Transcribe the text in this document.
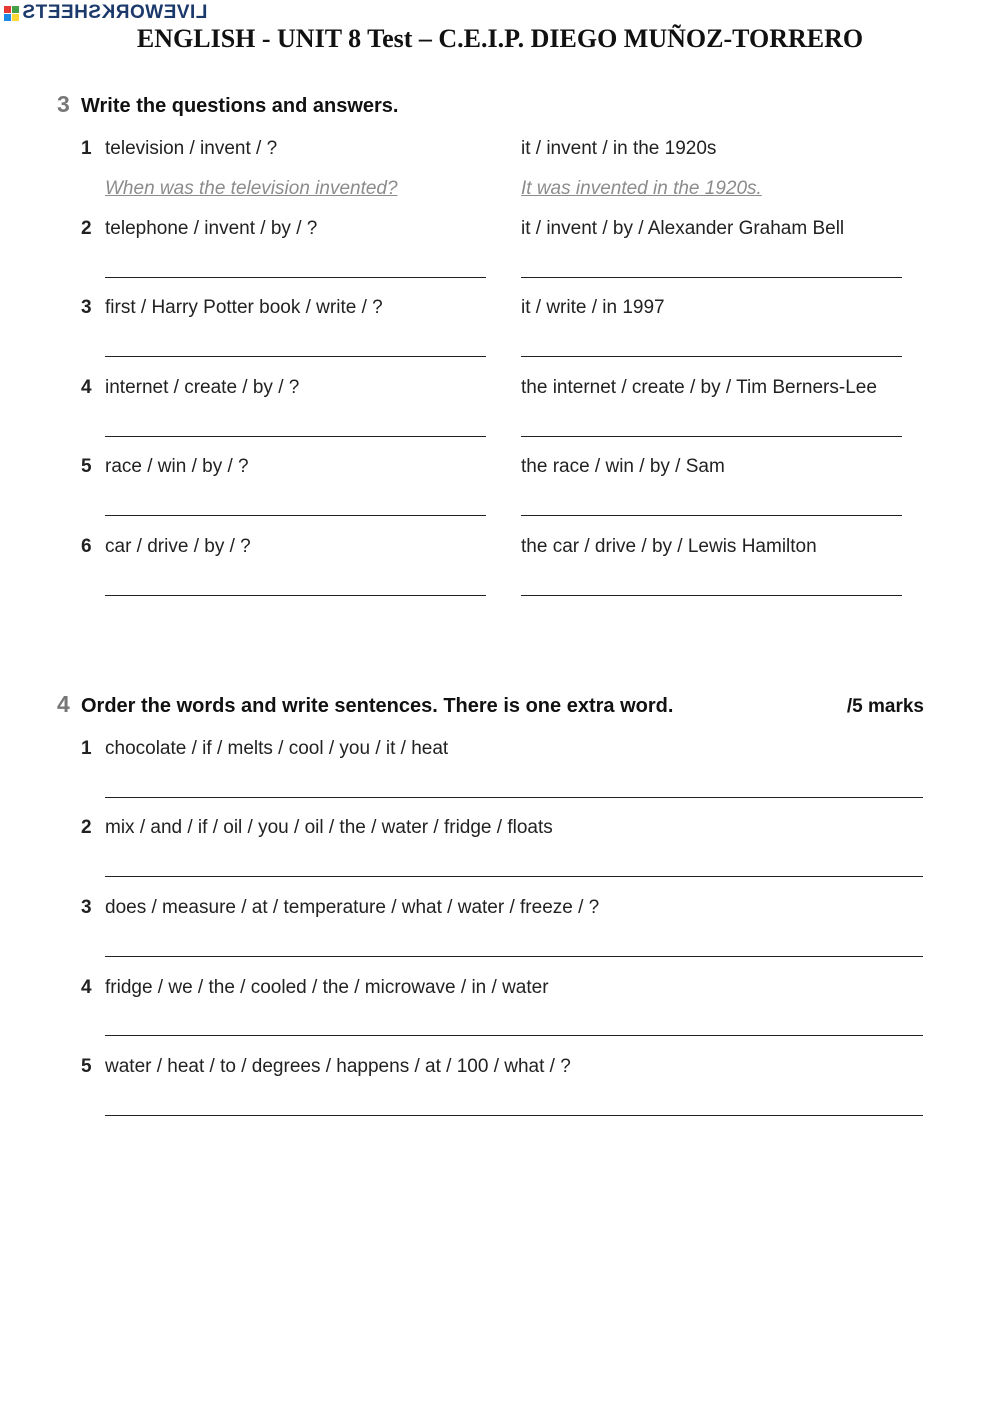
LIVEWORKSHEETS
ENGLISH - UNIT 8 Test – C.E.I.P. DIEGO MUÑOZ-TORRERO
3 Write the questions and answers.
1 television / invent / ?	it / invent / in the 1920s
When was the television invented?	It was invented in the 1920s.
2 telephone / invent / by / ?	it / invent / by / Alexander Graham Bell
3 first / Harry Potter book / write / ?	it / write / in 1997
4 internet / create / by / ?	the internet / create / by / Tim Berners-Lee
5 race / win / by / ?	the race / win / by / Sam
6 car / drive / by / ?	the car / drive / by / Lewis Hamilton
4 Order the words and write sentences. There is one extra word.	/5 marks
1 chocolate / if / melts / cool / you / it / heat
2 mix / and / if / oil / you / oil / the / water / fridge / floats
3 does / measure / at / temperature / what / water / freeze / ?
4 fridge / we / the / cooled / the / microwave / in / water
5 water / heat / to / degrees / happens / at / 100 / what / ?
